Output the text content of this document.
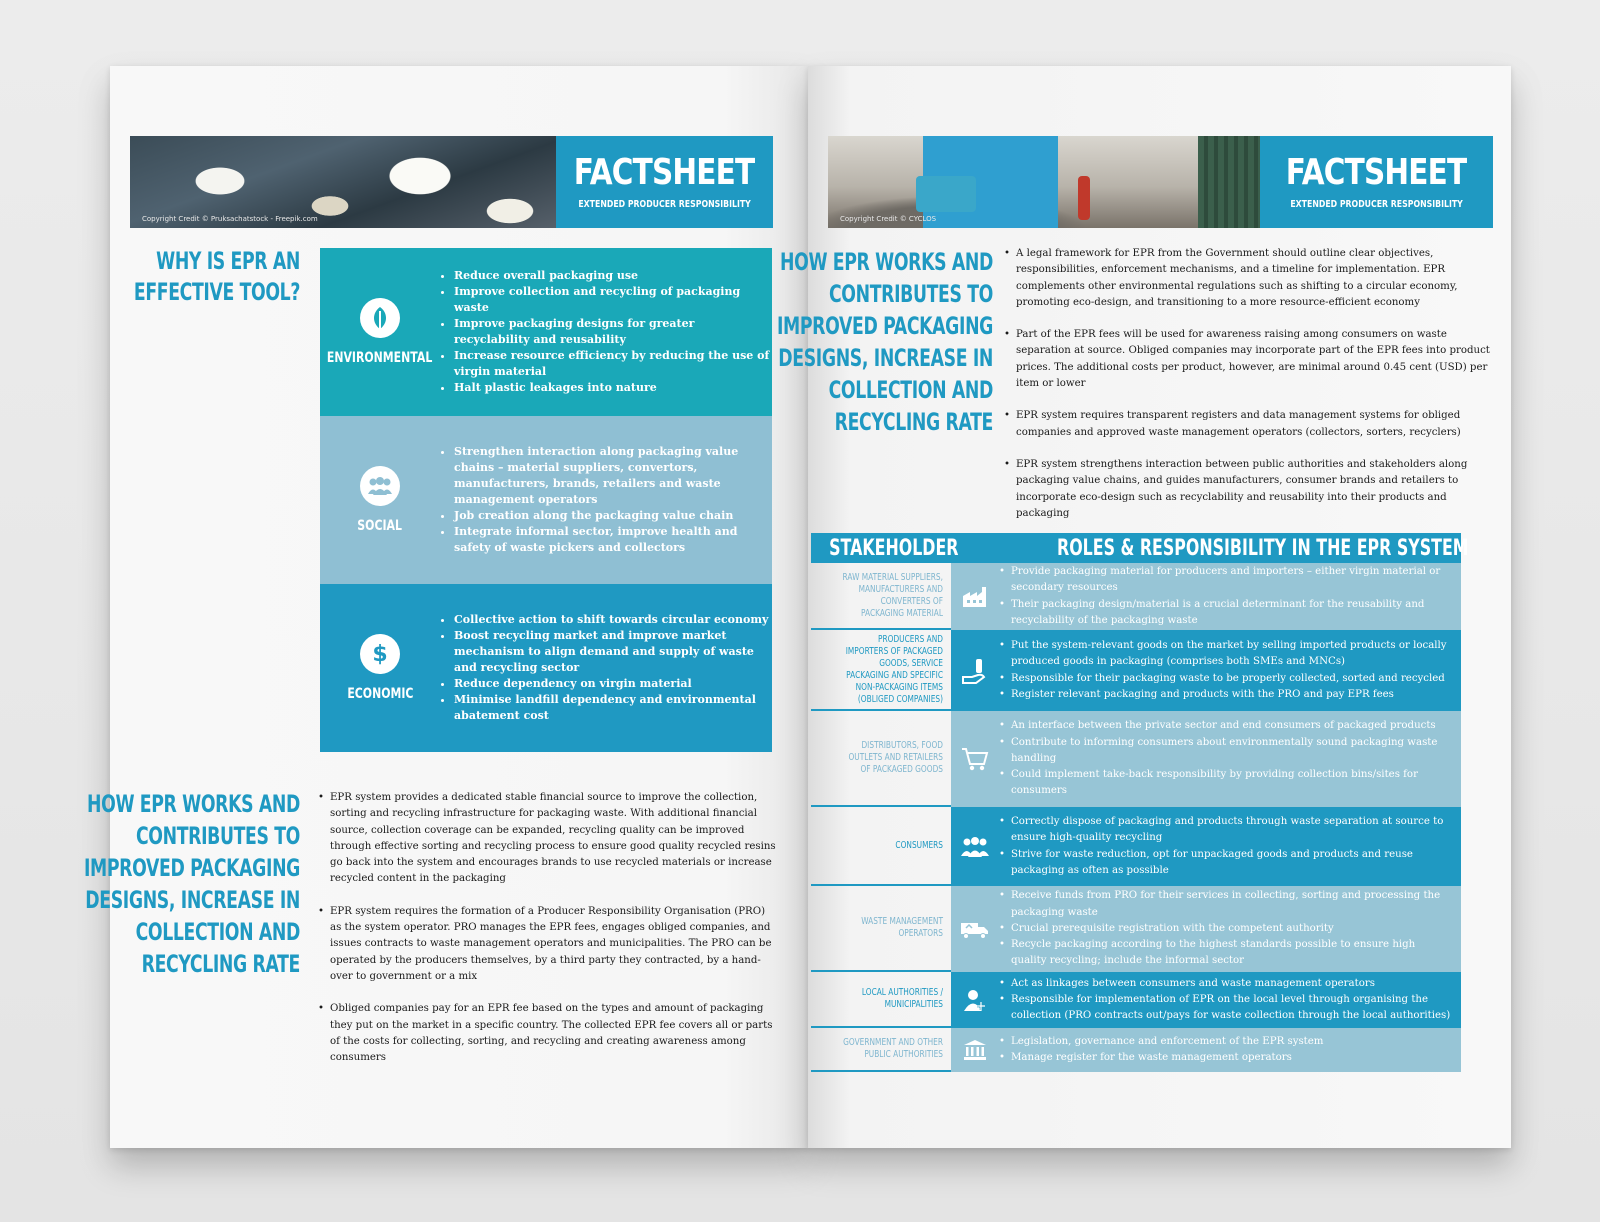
Copyright Credit © Pruksachatstock - Freepik.com
FACTSHEET
EXTENDED PRODUCER RESPONSIBILITY
WHY IS EPR AN
EFFECTIVE TOOL?
ENVIRONMENTAL
• Reduce overall packaging use
• Improve collection and recycling of packaging waste
• Improve packaging designs for greater recyclability and reusability
• Increase resource efficiency by reducing the use of virgin material
• Halt plastic leakages into nature
SOCIAL
• Strengthen interaction along packaging value chains – material suppliers, convertors, manufacturers, brands, retailers and waste management operators
• Job creation along the packaging value chain
• Integrate informal sector, improve health and safety of waste pickers and collectors
$
ECONOMIC
• Collective action to shift towards circular economy
• Boost recycling market and improve market mechanism to align demand and supply of waste and recycling sector
• Reduce dependency on virgin material
• Minimise landfill dependency and environmental abatement cost
HOW EPR WORKS AND
CONTRIBUTES TO
IMPROVED PACKAGING
DESIGNS, INCREASE IN
COLLECTION AND
RECYCLING RATE
• EPR system provides a dedicated stable financial source to improve the collection, sorting and recycling infrastructure for packaging waste. With additional financial source, collection coverage can be expanded, recycling quality can be improved through effective sorting and recycling process to ensure good quality recycled resins go back into the system and encourages brands to use recycled materials or increase recycled content in the packaging
• EPR system requires the formation of a Producer Responsibility Organisation (PRO) as the system operator. PRO manages the EPR fees, engages obliged companies, and issues contracts to waste management operators and municipalities. The PRO can be operated by the producers themselves, by a third party they contracted, by a hand-over to government or a mix
• Obliged companies pay for an EPR fee based on the types and amount of packaging they put on the market in a specific country. The collected EPR fee covers all or parts of the costs for collecting, sorting, and recycling and creating awareness among consumers
Copyright Credit © CYCLOS
FACTSHEET
EXTENDED PRODUCER RESPONSIBILITY
HOW EPR WORKS AND
CONTRIBUTES TO
IMPROVED PACKAGING
DESIGNS, INCREASE IN
COLLECTION AND
RECYCLING RATE
• A legal framework for EPR from the Government should outline clear objectives, responsibilities, enforcement mechanisms, and a timeline for implementation. EPR complements other environmental regulations such as shifting to a circular economy, promoting eco-design, and transitioning to a more resource-efficient economy
• Part of the EPR fees will be used for awareness raising among consumers on waste separation at source. Obliged companies may incorporate part of the EPR fees into product prices. The additional costs per product, however, are minimal around 0.45 cent (USD) per item or lower
• EPR system requires transparent registers and data management systems for obliged companies and approved waste management operators (collectors, sorters, recyclers)
• EPR system strengthens interaction between public authorities and stakeholders along packaging value chains, and guides manufacturers, consumer brands and retailers to incorporate eco-design such as recyclability and reusability into their products and packaging
STAKEHOLDER	ROLES & RESPONSIBILITY IN THE EPR SYSTEM
RAW MATERIAL SUPPLIERS, MANUFACTURERS AND CONVERTERS OF PACKAGING MATERIAL
• Provide packaging material for producers and importers – either virgin material or secondary resources
• Their packaging design/material is a crucial determinant for the reusability and recyclability of the packaging waste
PRODUCERS AND IMPORTERS OF PACKAGED GOODS, SERVICE PACKAGING AND SPECIFIC NON-PACKAGING ITEMS (OBLIGED COMPANIES)
• Put the system-relevant goods on the market by selling imported products or locally produced goods in packaging (comprises both SMEs and MNCs)
• Responsible for their packaging waste to be properly collected, sorted and recycled
• Register relevant packaging and products with the PRO and pay EPR fees
DISTRIBUTORS, FOOD OUTLETS AND RETAILERS OF PACKAGED GOODS
• An interface between the private sector and end consumers of packaged products
• Contribute to informing consumers about environmentally sound packaging waste handling
• Could implement take-back responsibility by providing collection bins/sites for consumers
CONSUMERS
• Correctly dispose of packaging and products through waste separation at source to ensure high-quality recycling
• Strive for waste reduction, opt for unpackaged goods and products and reuse packaging as often as possible
WASTE MANAGEMENT OPERATORS
• Receive funds from PRO for their services in collecting, sorting and processing the packaging waste
• Crucial prerequisite registration with the competent authority
• Recycle packaging according to the highest standards possible to ensure high quality recycling; include the informal sector
LOCAL AUTHORITIES / MUNICIPALITIES
• Act as linkages between consumers and waste management operators
• Responsible for implementation of EPR on the local level through organising the collection (PRO contracts out/pays for waste collection through the local authorities)
GOVERNMENT AND OTHER PUBLIC AUTHORITIES
• Legislation, governance and enforcement of the EPR system
• Manage register for the waste management operators
